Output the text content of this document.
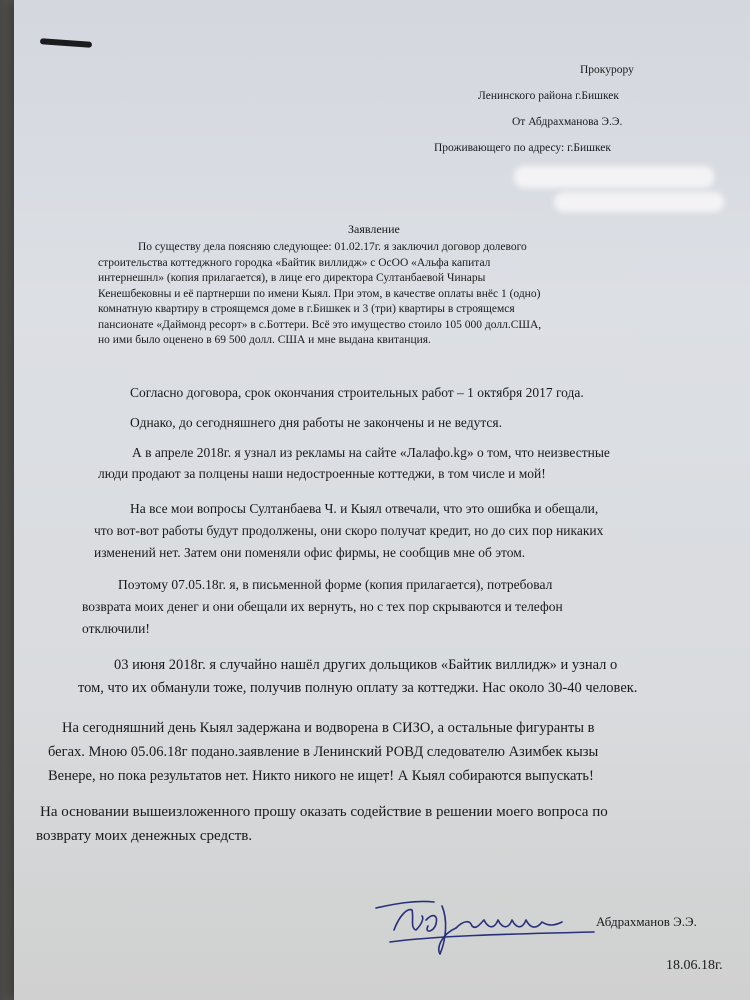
Прокурору
Ленинского района г.Бишкек
От Абдрахманова Э.Э.
Проживающего по адресу: г.Бишкек
Заявление
По существу дела поясняю следующее: 01.02.17г. я заключил договор долевого
строительства коттеджного городка «Байтик виллидж» с ОсОО «Альфа капитал
интернешнл» (копия прилагается), в лице его директора Султанбаевой Чинары
Кенешбековны и её партнерши по имени Кыял. При этом, в качестве оплаты внёс 1 (одно)
комнатную квартиру в строящемся доме в г.Бишкек и 3 (три) квартиры в строящемся
пансионате «Даймонд ресорт» в с.Боттери. Всё это имущество стоило 105 000 долл.США,
но ими было оценено в 69 500 долл. США и мне выдана квитанция.
Согласно договора, срок окончания строительных работ – 1 октября 2017 года.
Однако, до сегодняшнего дня работы не закончены и не ведутся.
А в апреле 2018г. я узнал из рекламы на сайте «Лалафо.kg» о том, что неизвестные
люди продают за полцены наши недостроенные коттеджи, в том числе и мой!
На все мои вопросы Султанбаева Ч. и Кыял отвечали, что это ошибка и обещали,
что вот-вот работы будут продолжены, они скоро получат кредит, но до сих пор никаких
изменений нет. Затем они поменяли офис фирмы, не сообщив мне об этом.
Поэтому 07.05.18г. я, в письменной форме (копия прилагается), потребовал
возврата моих денег и они обещали их вернуть, но с тех пор скрываются и телефон
отключили!
03 июня 2018г. я случайно нашёл других дольщиков «Байтик виллидж» и узнал о
том, что их обманули тоже, получив полную оплату за коттеджи. Нас около 30-40 человек.
На сегодняшний день Кыял задержана и водворена в СИЗО, а остальные фигуранты в
бегах. Мною 05.06.18г подано.заявление в Ленинский РОВД следователю Азимбек кызы
Венере, но пока результатов нет. Никто никого не ищет! А Кыял собираются выпускать!
На основании вышеизложенного прошу оказать содействие в решении моего вопроса по
возврату моих денежных средств.
Абдрахманов Э.Э.
18.06.18г.
